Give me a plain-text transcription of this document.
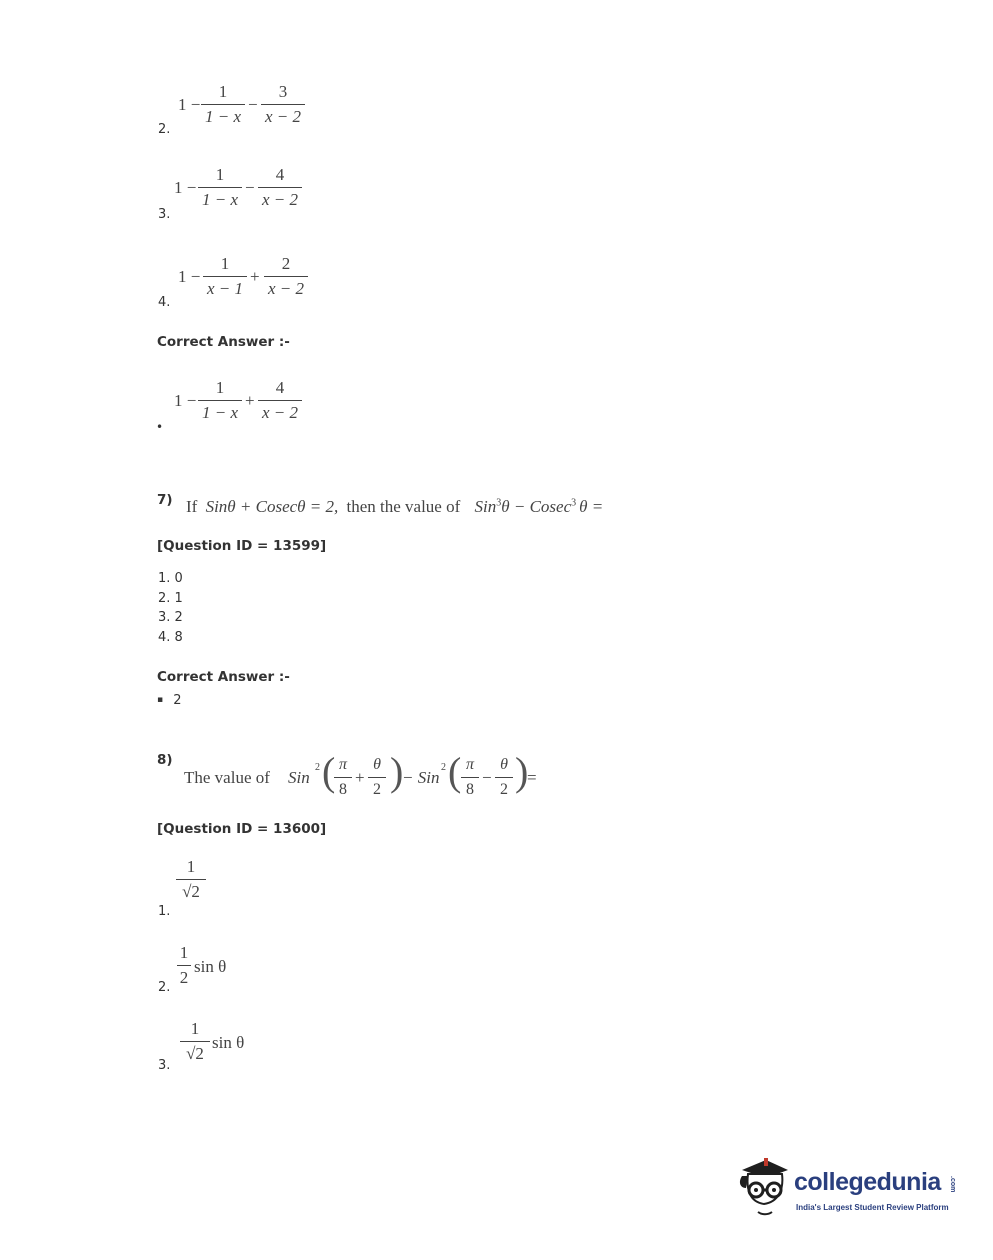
1 −
1
1 − x
−
3
x − 2
2.
1 −
1
1 − x
−
4
x − 2
3.
1 −
1
x − 1
+
2
x − 2
4.
Correct Answer :-
1 −
1
1 − x
+
4
x − 2
•
7) If Sinθ + Cosecθ = 2, then the value of Sin$^3$θ − Cosec$^3$ θ =
[Question ID = 13599]
1. 0
2. 1
3. 2
4. 8
Correct Answer :-
▪ 2
8)
The value of Sin
2 ( π
8
+
θ
2 )
− Sin
2 ( π
8
−
θ
2 )
=
[Question ID = 13600]
1
√2
1.
1
2
sin θ
2.
1
√2
sin θ
3.
collegedunia .com
India's Largest Student Review Platform
